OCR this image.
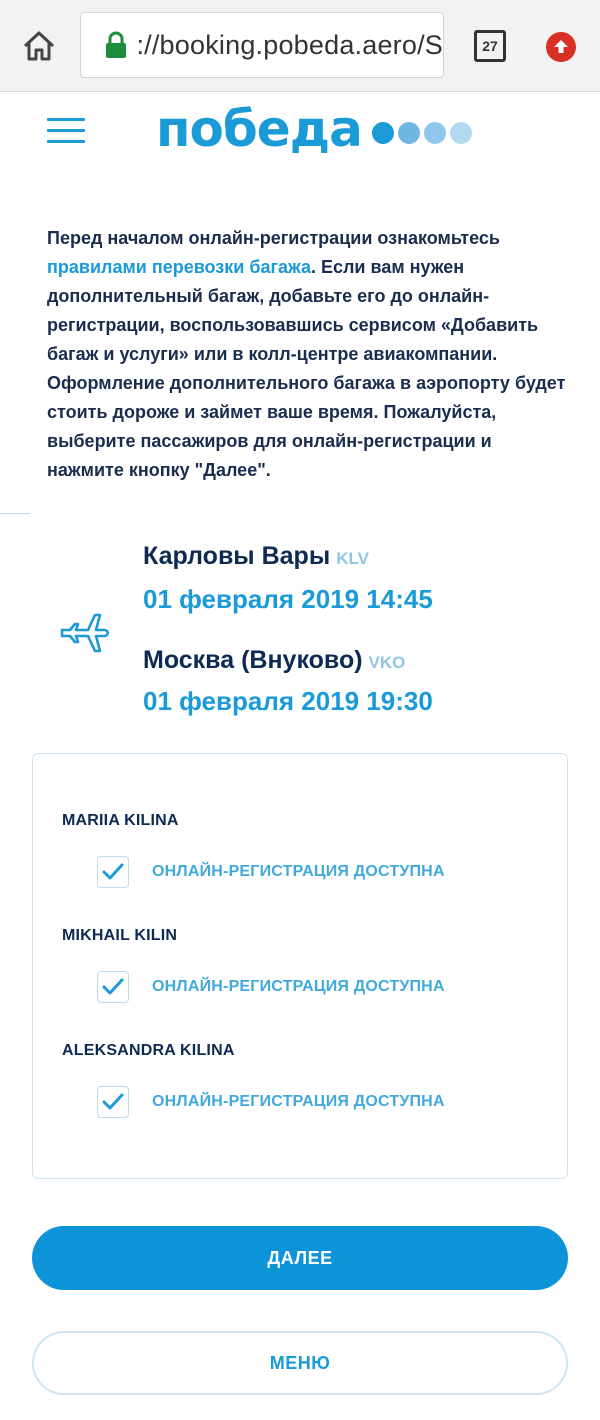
://booking.pobeda.aero/S	27
победа

Перед началом онлайн-регистрации ознакомьтесь правилами перевозки багажа. Если вам нужен дополнительный багаж, добавьте его до онлайн-регистрации, воспользовавшись сервисом «Добавить багаж и услуги» или в колл-центре авиакомпании. Оформление дополнительного багажа в аэропорту будет стоить дороже и займет ваше время. Пожалуйста, выберите пассажиров для онлайн-регистрации и нажмите кнопку "Далее".

Карловы Вары KLV
01 февраля 2019 14:45
Москва (Внуково) VKO
01 февраля 2019 19:30
MARIIA KILINA
ОНЛАЙН-РЕГИСТРАЦИЯ ДОСТУПНА
MIKHAIL KILIN
ОНЛАЙН-РЕГИСТРАЦИЯ ДОСТУПНА
ALEKSANDRA KILINA
ОНЛАЙН-РЕГИСТРАЦИЯ ДОСТУПНА
ДАЛЕЕ
МЕНЮ
